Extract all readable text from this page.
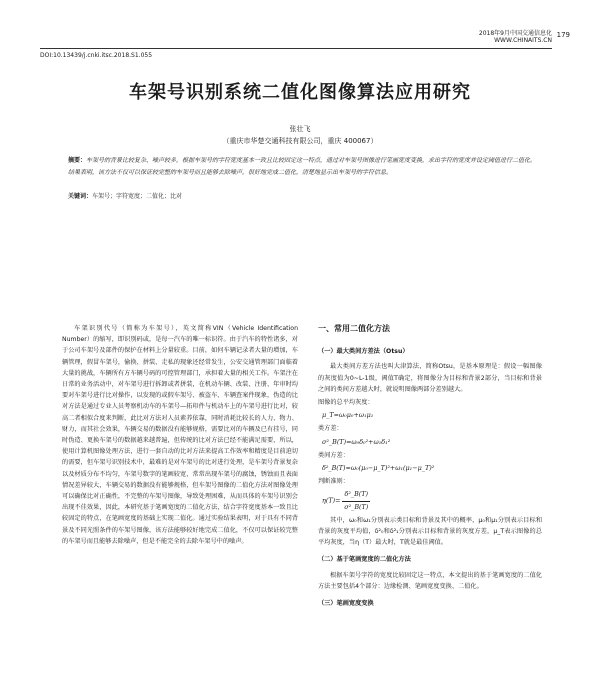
2018年9月中国交通信息化
WWW.CHINAITS.CN
179
DOI:10.13439/j.cnki.itsc.2018.S1.055
车架号识别系统二值化图像算法应用研究
张壮飞
（重庆市华楚交通科技有限公司，重庆 400067）
摘要：车架号的背景比较复杂、噪声较多，根据车架号的字符宽度基本一致且比较固定这一特点，通过对车架号图像进行笔画宽度变换，求出字符的宽度并设定阈值进行二值化。结果表明，该方法不仅可以保证较完整的车架号而且能够去除噪声，很好地完成二值化，清楚地显示出车架号的字符信息。
关键词：车架号；字符宽度；二值化；比对

车架识别代号（简称为车架号），英文简称VIN（Vehicle Identification Number）的缩写，即识别码或，是每一汽车的唯一标识符。由于汽车的特性诸多，对于公司车架号及部件的保护在材料上分量较重。目前，如何车辆记录者大量的增加，车辆管理，假冒车架号，偷换、拼装、走私的现象还经常发生，公安交通管理部门面临着大量的挑战，车辆所有方车辆号码的可控管理部门，承担着大量的相关工作。车架注在日常的业务活动中，对车架号进行拆卸或者拼装，在机动车辆、改装、注册、年审时均要对车架号进行比对操作，以发现的或假车架号、被盗车、车辆查案件现象，伪造的比对方法是通过专业人员考察机动车的车架号—拓印件与机动车上的车架号进行比对，较高二者相似合度来判断，此比对方法对人员素养依靠，同时消耗比较长的人力、物力、财力，而其社会效果，车辆交易的数据没有能够规格，需要比对的车辆及已有挂号，同时伪造、更换车架号的数据越来越普遍，但传统的比对方法已经不能满足需要，所以，使用计算机图像处理方法，进行一套自动的比对方法来提高工作效率和精度是目前迫切的需要，但车架号识别技术中，最难的是对车架号的比对进行处理，是车架号背景复杂以及材质分布不均匀，车架号数字的笔画较宽，常常出现车架号的腐蚀，锈蚀而且表面情况差异较大，车辆交易的数据没有能够规格，但车架号图像的二值化方法对图像处理可以确保比对正确性，不完整的车架号图像，导致处理困难，从而具体的车架号识别会出现不佳效果，因此，本研究基于笔画宽度的二值化方法，结合字符宽度基本一致且比较固定的特点，在笔画宽度的基础上实现二值化。通过实验结果表明，对于具有不同背景及不同光照条件的车架号图像，该方法能够较好地完成二值化，不仅可以保证较完整的车架号而且能够去除噪声，但是不能完全的去除车架号中的噪声。

一、常用二值化方法
（一）最大类间方差法（Otsu）

最大类间方差方法也叫大津算法，简称Otsu，是基本原理是：假设一幅图像的灰度值为0~L-1级，阈值T确定，将图像分为目标和背景2部分，当目标和背景之间的类间方差越大时，就说明图像两部分差别越大。

图像的总平均灰度：
μ_T=ω₀μ₀+ω₁μ₁
类方差：
σ²_B(T)=ω₀δ₀²+ω₁δ₁²
类间方差：
δ²_B(T)=ω₀(μ₀−μ_T)²+ω₁(μ₁−μ_T)²
判断准则：
$\eta(T)= \frac{\text{δ²\_B(T)}}{\text{σ²\_B(T)}}$

其中，ω₀和ω₁分别表示类目标和背景及其中的概率，μ₀和μ₁分别表示目标和背景的灰度平均值，δ²₀和δ²₁分别表示目标和背景的灰度方差，μ_T表示图像的总平均灰度，当η（T）最大时，T就是最佳阈值。

（二）基于笔画宽度的二值化方法

根据车架号字符的宽度比较固定这一特点，本文提出的基于笔画宽度的二值化方法主要包括4个部分：边缘检测、笔画宽度变换、二值化。

（三）笔画宽度变换
